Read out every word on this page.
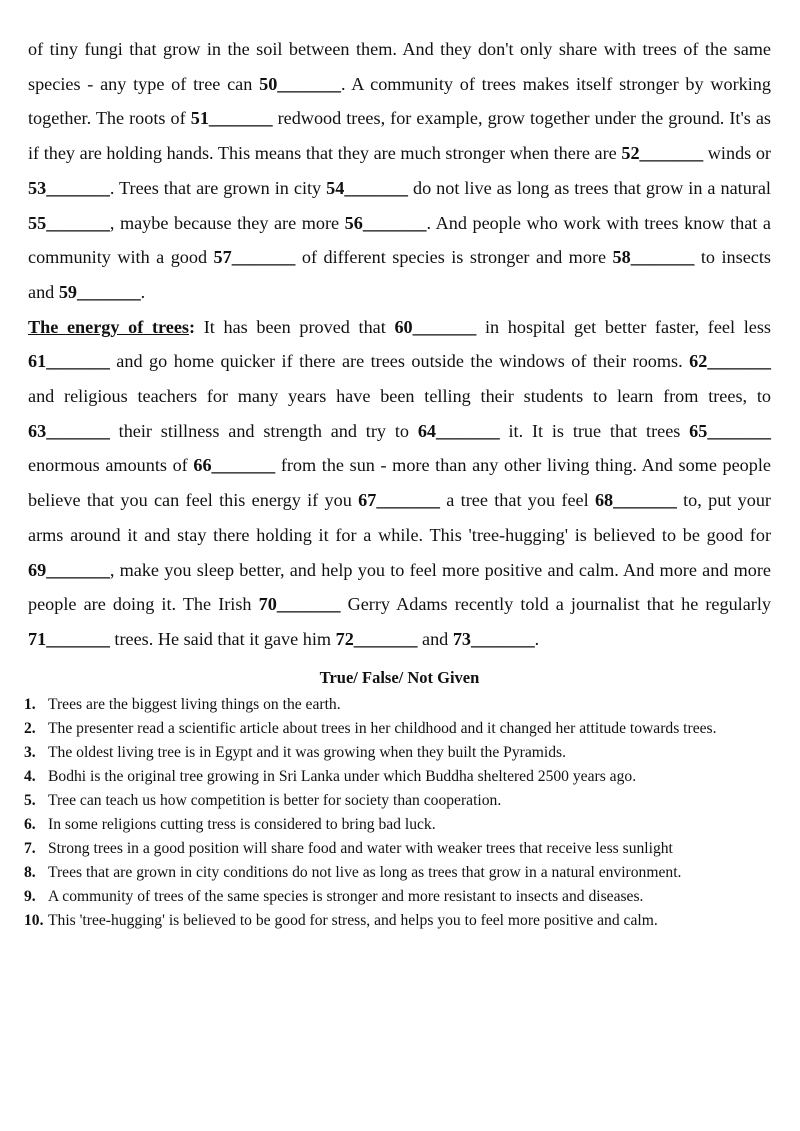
of tiny fungi that grow in the soil between them. And they don't only share with trees of the same species - any type of tree can 50_______. A community of trees makes itself stronger by working together. The roots of 51_______ redwood trees, for example, grow together under the ground. It's as if they are holding hands. This means that they are much stronger when there are 52_______ winds or 53_______. Trees that are grown in city 54_______ do not live as long as trees that grow in a natural 55_______, maybe because they are more 56_______. And people who work with trees know that a community with a good 57_______ of different species is stronger and more 58_______ to insects and 59_______.

The energy of trees: It has been proved that 60_______ in hospital get better faster, feel less 61_______ and go home quicker if there are trees outside the windows of their rooms. 62_______ and religious teachers for many years have been telling their students to learn from trees, to 63_______ their stillness and strength and try to 64_______ it. It is true that trees 65_______ enormous amounts of 66_______ from the sun - more than any other living thing. And some people believe that you can feel this energy if you 67_______ a tree that you feel 68_______ to, put your arms around it and stay there holding it for a while. This 'tree-hugging' is believed to be good for 69_______, make you sleep better, and help you to feel more positive and calm. And more and more people are doing it. The Irish 70_______ Gerry Adams recently told a journalist that he regularly 71_______ trees. He said that it gave him 72_______ and 73_______.

True/ False/ Not Given
1. Trees are the biggest living things on the earth.
2. The presenter read a scientific article about trees in her childhood and it changed her attitude towards trees.
3. The oldest living tree is in Egypt and it was growing when they built the Pyramids.
4. Bodhi is the original tree growing in Sri Lanka under which Buddha sheltered 2500 years ago.
5. Tree can teach us how competition is better for society than cooperation.
6. In some religions cutting tress is considered to bring bad luck.
7. Strong trees in a good position will share food and water with weaker trees that receive less sunlight
8. Trees that are grown in city conditions do not live as long as trees that grow in a natural environment.
9. A community of trees of the same species is stronger and more resistant to insects and diseases.
10. This 'tree-hugging' is believed to be good for stress, and helps you to feel more positive and calm.
